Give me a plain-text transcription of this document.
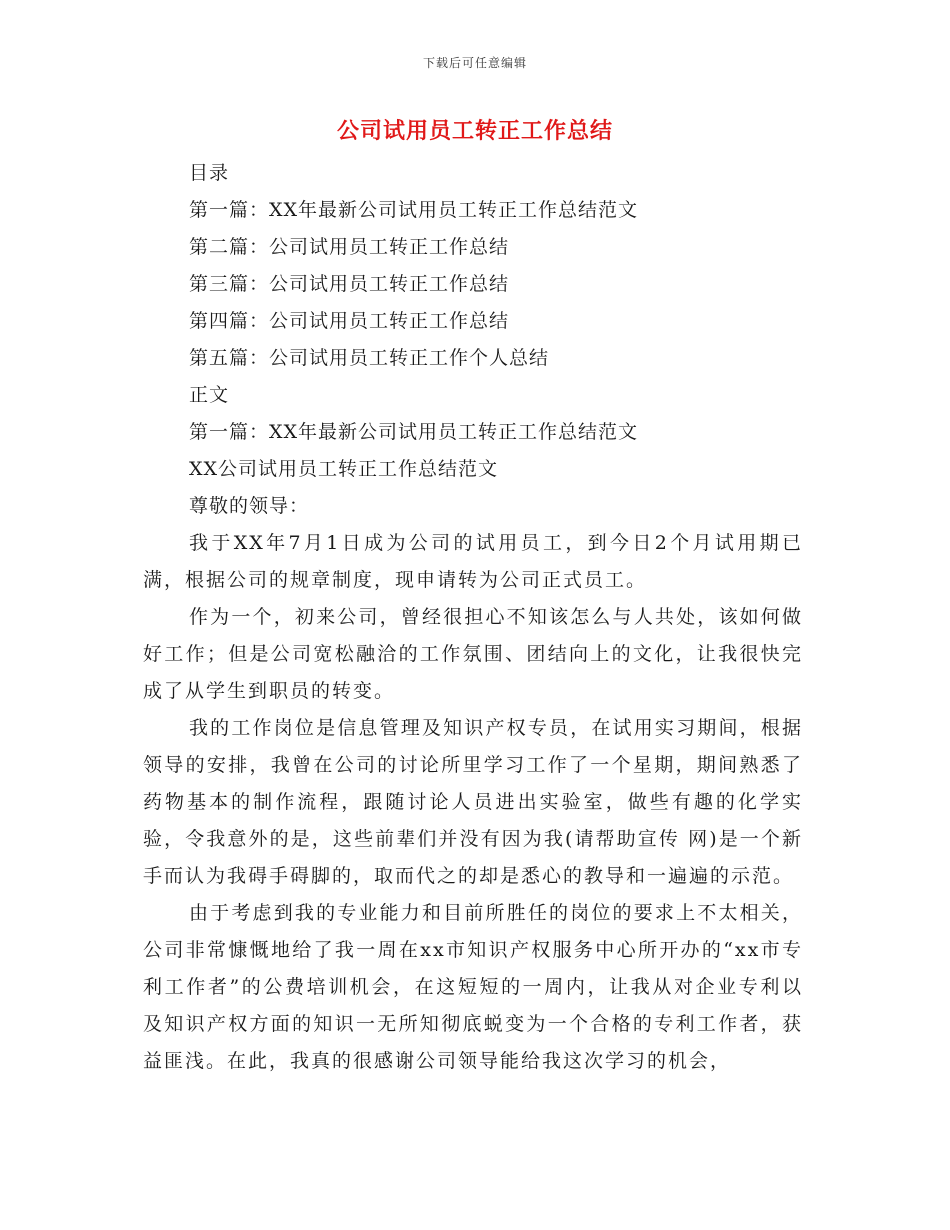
下载后可任意编辑
公司试用员工转正工作总结
目录
第一篇：XX年最新公司试用员工转正工作总结范文
第二篇：公司试用员工转正工作总结
第三篇：公司试用员工转正工作总结
第四篇：公司试用员工转正工作总结
第五篇：公司试用员工转正工作个人总结
正文
第一篇：XX年最新公司试用员工转正工作总结范文
XX公司试用员工转正工作总结范文
尊敬的领导：

我于XX年7月1日成为公司的试用员工，到今日2个月试用期已满，根据公司的规章制度，现申请转为公司正式员工。

作为一个，初来公司，曾经很担心不知该怎么与人共处，该如何做好工作；但是公司宽松融洽的工作氛围、团结向上的文化，让我很快完成了从学生到职员的转变。

我的工作岗位是信息管理及知识产权专员，在试用实习期间，根据领导的安排，我曾在公司的讨论所里学习工作了一个星期，期间熟悉了药物基本的制作流程，跟随讨论人员进出实验室，做些有趣的化学实验，令我意外的是，这些前辈们并没有因为我(请帮助宣传 网)是一个新手而认为我碍手碍脚的，取而代之的却是悉心的教导和一遍遍的示范。

由于考虑到我的专业能力和目前所胜任的岗位的要求上不太相关，公司非常慷慨地给了我一周在xx市知识产权服务中心所开办的“xx市专利工作者”的公费培训机会，在这短短的一周内，让我从对企业专利以及知识产权方面的知识一无所知彻底蜕变为一个合格的专利工作者，获益匪浅。在此，我真的很感谢公司领导能给我这次学习的机会，
